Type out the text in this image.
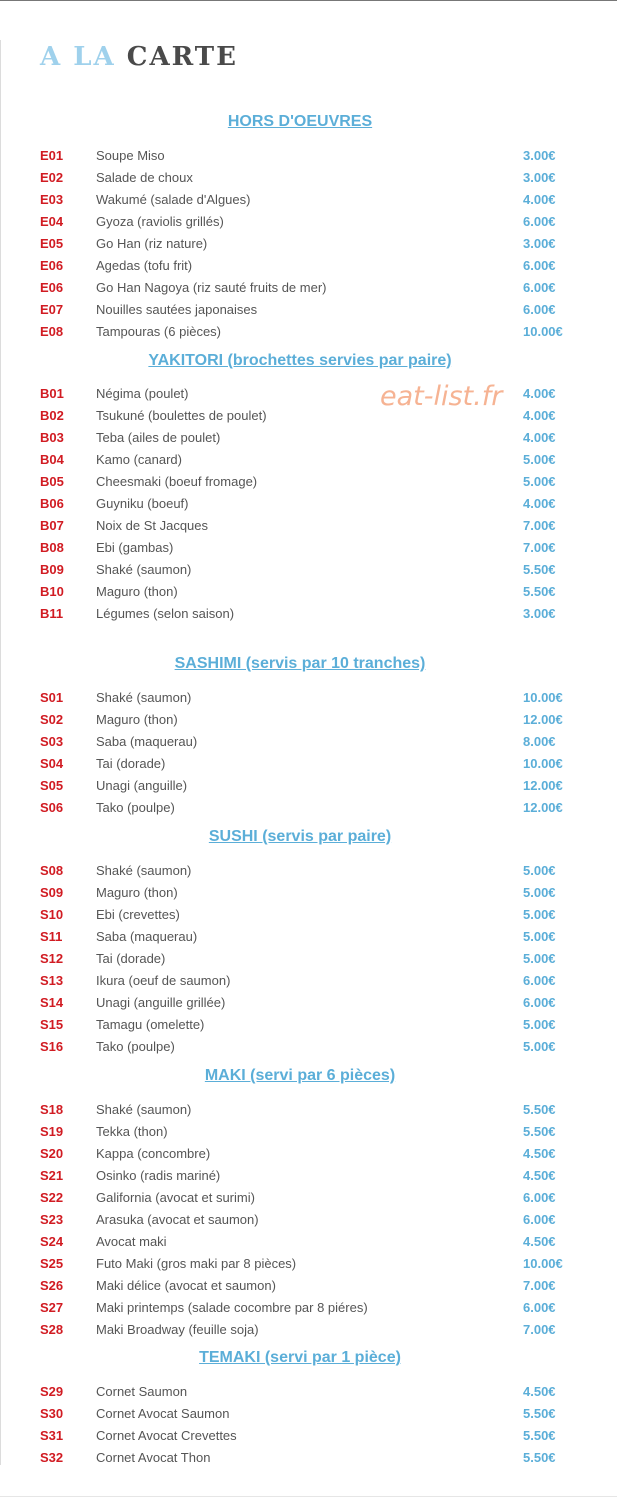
A LA CARTE
eat-list.fr
HORS D'OEUVRES
E01	Soupe Miso	3.00€
E02	Salade de choux	3.00€
E03	Wakumé (salade d'Algues)	4.00€
E04	Gyoza (raviolis grillés)	6.00€
E05	Go Han (riz nature)	3.00€
E06	Agedas (tofu frit)	6.00€
E06	Go Han Nagoya (riz sauté fruits de mer)	6.00€
E07	Nouilles sautées japonaises	6.00€
E08	Tampouras (6 pièces)	10.00€
YAKITORI (brochettes servies par paire)
B01 Négima (poulet)	4.00€
B02 Tsukuné (boulettes de poulet)	4.00€
B03 Teba (ailes de poulet)	4.00€
B04 Kamo (canard)	5.00€
B05 Cheesmaki (boeuf fromage)	5.00€
B06 Guyniku (boeuf)	4.00€
B07 Noix de St Jacques	7.00€
B08 Ebi (gambas)	7.00€
B09 Shaké (saumon)	5.50€
B10 Maguro (thon)	5.50€
B11	Légumes (selon saison)	3.00€
SASHIMI (servis par 10 tranches)
S01	Shaké (saumon)	10.00€
S02	Maguro (thon)	12.00€
S03	Saba (maquerau)	8.00€
S04	Tai (dorade)	10.00€
S05	Unagi (anguille)	12.00€
S06	Tako (poulpe)	12.00€
SUSHI (servis par paire)
S08	Shaké (saumon)	5.00€
S09	Maguro (thon)	5.00€
S10	Ebi (crevettes)	5.00€
S11	Saba (maquerau)	5.00€
S12	Tai (dorade)	5.00€
S13	Ikura (oeuf de saumon)	6.00€
S14	Unagi (anguille grillée)	6.00€
S15	Tamagu (omelette)	5.00€
S16	Tako (poulpe)	5.00€
MAKI (servi par 6 pièces)
S18	Shaké (saumon)	5.50€
S19	Tekka (thon)	5.50€
S20	Kappa (concombre)	4.50€
S21	Osinko (radis mariné)	4.50€
S22	Galifornia (avocat et surimi)	6.00€
S23	Arasuka (avocat et saumon)	6.00€
S24	Avocat maki	4.50€
S25	Futo Maki (gros maki par 8 pièces)	10.00€
S26	Maki délice (avocat et saumon)	7.00€
S27	Maki printemps (salade cocombre par 8 piéres)	6.00€
S28	Maki Broadway (feuille soja)	7.00€
TEMAKI (servi par 1 pièce)
S29	Cornet Saumon	4.50€
S30	Cornet Avocat Saumon	5.50€
S31	Cornet Avocat Crevettes	5.50€
S32	Cornet Avocat Thon	5.50€
